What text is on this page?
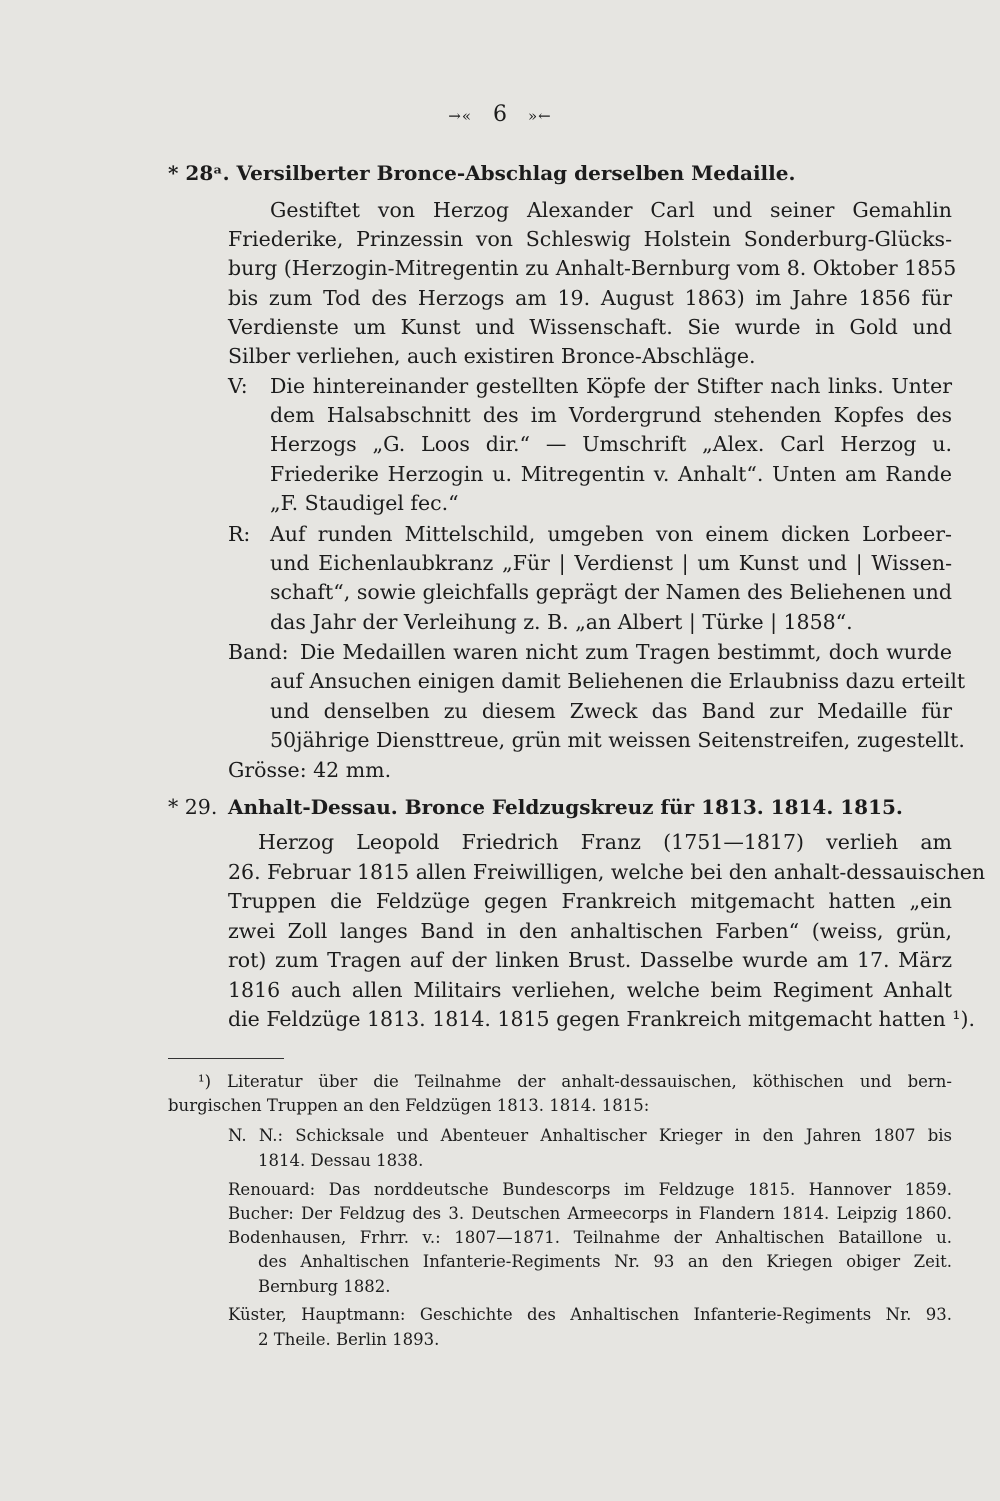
→« 6 »←
* 28ᵃ. Versilberter Bronce-Abschlag derselben Medaille.
Gestiftet von Herzog Alexander Carl und seiner Gemahlin
Friederike, Prinzessin von Schleswig Holstein Sonderburg-Glücks-
burg (Herzogin-Mitregentin zu Anhalt-Bernburg vom 8. Oktober 1855
bis zum Tod des Herzogs am 19. August 1863) im Jahre 1856 für
Verdienste um Kunst und Wissenschaft. Sie wurde in Gold und
Silber verliehen, auch existiren Bronce-Abschläge.
V: Die hintereinander gestellten Köpfe der Stifter nach links. Unter
dem Halsabschnitt des im Vordergrund stehenden Kopfes des
Herzogs „G. Loos dir.“ — Umschrift „Alex. Carl Herzog u.
Friederike Herzogin u. Mitregentin v. Anhalt“. Unten am Rande
„F. Staudigel fec.“
R: Auf runden Mittelschild, umgeben von einem dicken Lorbeer-
und Eichenlaubkranz „Für | Verdienst | um Kunst und | Wissen-
schaft“, sowie gleichfalls geprägt der Namen des Beliehenen und
das Jahr der Verleihung z. B. „an Albert | Türke | 1858“.
Band: Die Medaillen waren nicht zum Tragen bestimmt, doch wurde
auf Ansuchen einigen damit Beliehenen die Erlaubniss dazu erteilt
und denselben zu diesem Zweck das Band zur Medaille für
50jährige Diensttreue, grün mit weissen Seitenstreifen, zugestellt.
Grösse: 42 mm.
* 29. Anhalt-Dessau. Bronce Feldzugskreuz für 1813. 1814. 1815.
Herzog Leopold Friedrich Franz (1751—1817) verlieh am
26. Februar 1815 allen Freiwilligen, welche bei den anhalt-dessauischen
Truppen die Feldzüge gegen Frankreich mitgemacht hatten „ein
zwei Zoll langes Band in den anhaltischen Farben“ (weiss, grün,
rot) zum Tragen auf der linken Brust. Dasselbe wurde am 17. März
1816 auch allen Militairs verliehen, welche beim Regiment Anhalt
die Feldzüge 1813. 1814. 1815 gegen Frankreich mitgemacht hatten ¹).
¹) Literatur über die Teilnahme der anhalt-dessauischen, köthischen und bern-
burgischen Truppen an den Feldzügen 1813. 1814. 1815:
N. N.: Schicksale und Abenteuer Anhaltischer Krieger in den Jahren 1807 bis
1814. Dessau 1838.
Renouard: Das norddeutsche Bundescorps im Feldzuge 1815. Hannover 1859.
Bucher: Der Feldzug des 3. Deutschen Armeecorps in Flandern 1814. Leipzig 1860.
Bodenhausen, Frhrr. v.: 1807—1871. Teilnahme der Anhaltischen Bataillone u.
des Anhaltischen Infanterie-Regiments Nr. 93 an den Kriegen obiger Zeit.
Bernburg 1882.
Küster, Hauptmann: Geschichte des Anhaltischen Infanterie-Regiments Nr. 93.
2 Theile. Berlin 1893.
